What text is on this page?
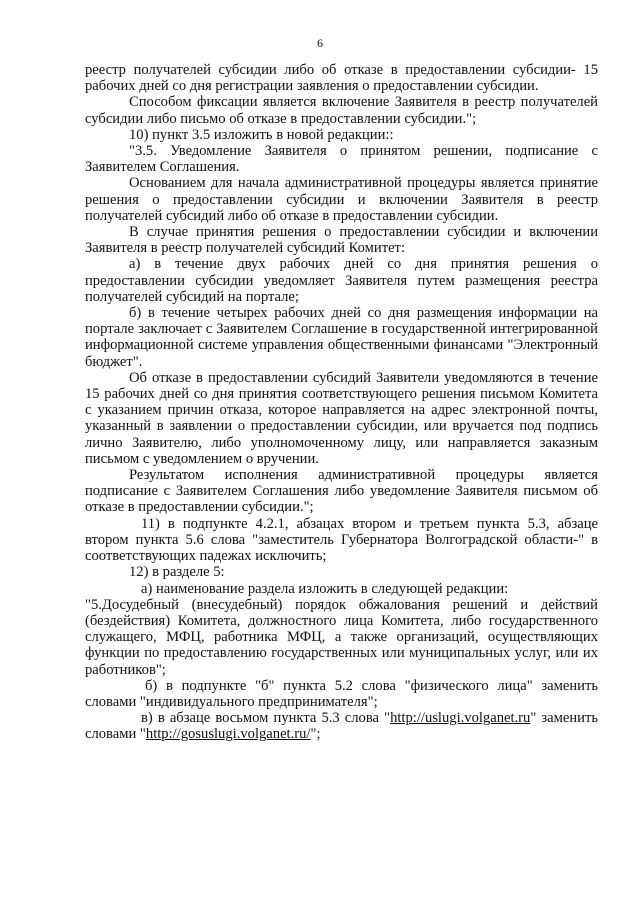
6

реестр получателей субсидии либо об отказе в предоставлении субсидии- 15 рабочих дней со дня регистрации заявления о предоставлении субсидии.

Способом фиксации является включение Заявителя в реестр получателей субсидии либо письмо об отказе в предоставлении субсидии.";

10) пункт 3.5 изложить в новой редакции::

"3.5. Уведомление Заявителя о принятом решении, подписание с Заявителем Соглашения.

Основанием для начала административной процедуры является принятие решения о предоставлении субсидии и включении Заявителя в реестр получателей субсидий либо об отказе в предоставлении субсидии.

В случае принятия решения о предоставлении субсидии и включении Заявителя в реестр получателей субсидий Комитет:

а) в течение двух рабочих дней со дня принятия решения о предоставлении субсидии уведомляет Заявителя путем размещения реестра получателей субсидий на портале;

б) в течение четырех рабочих дней со дня размещения информации на портале заключает с Заявителем Соглашение в государственной интегрированной информационной системе управления общественными финансами "Электронный бюджет".

Об отказе в предоставлении субсидий Заявители уведомляются в течение 15 рабочих дней со дня принятия соответствующего решения письмом Комитета с указанием причин отказа, которое направляется на адрес электронной почты, указанный в заявлении о предоставлении субсидии, или вручается под подпись лично Заявителю, либо уполномоченному лицу, или направляется заказным письмом с уведомлением о вручении.

Результатом исполнения административной процедуры является подписание с Заявителем Соглашения либо уведомление Заявителя письмом об отказе в предоставлении субсидии.";

11) в подпункте 4.2.1, абзацах втором и третьем пункта 5.3, абзаце втором пункта 5.6 слова "заместитель Губернатора Волгоградской области-" в соответствующих падежах исключить;

12) в разделе 5:

а) наименование раздела изложить в следующей редакции:

"5.Досудебный (внесудебный) порядок обжалования решений и действий (бездействия) Комитета, должностного лица Комитета, либо государственного служащего, МФЦ, работника МФЦ, а также организаций, осуществляющих функции по предоставлению государственных или муниципальных услуг, или их работников";

б) в подпункте "б" пункта 5.2 слова "физического лица" заменить словами "индивидуального предпринимателя";

в) в абзаце восьмом пункта 5.3 слова "http://uslugi.volganet.ru" заменить словами "http://gosuslugi.volganet.ru/";
